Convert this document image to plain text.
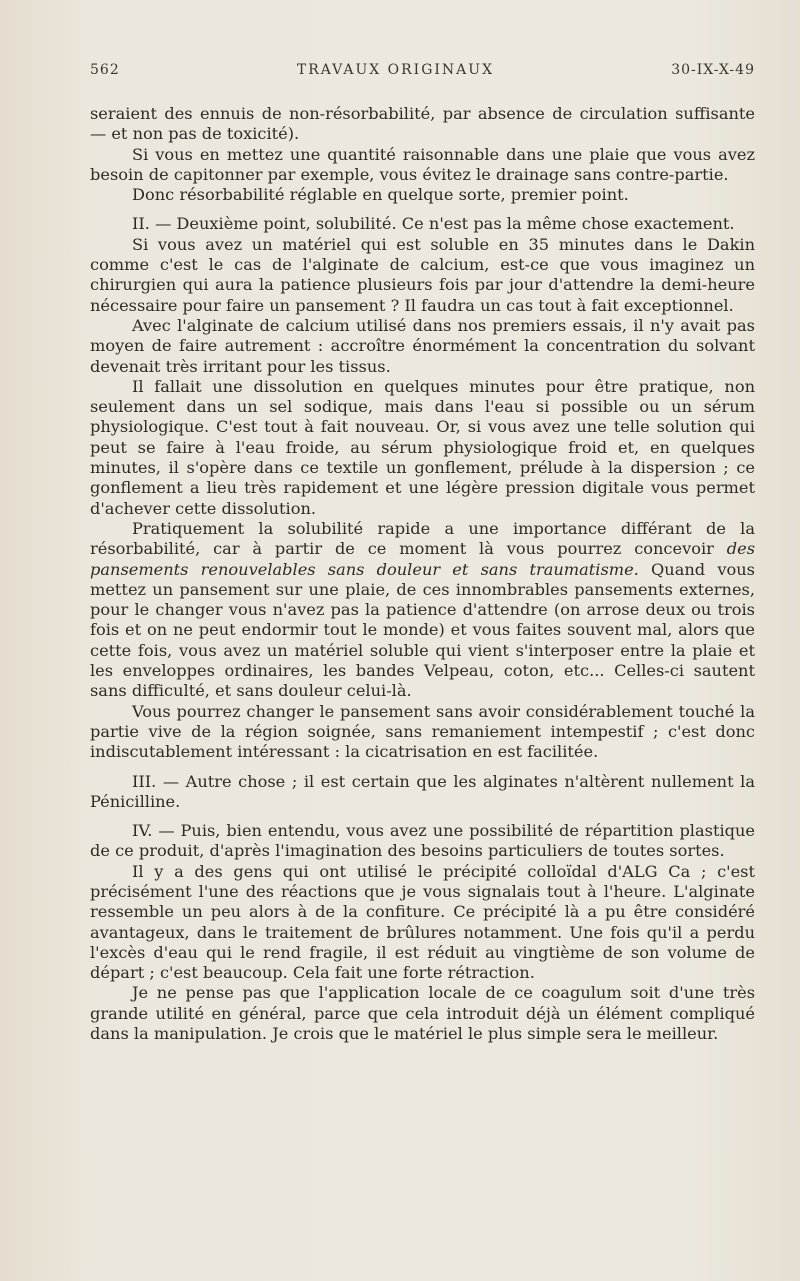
562	TRAVAUX ORIGINAUX	30-IX-X-49

seraient des ennuis de non-résorbabilité, par absence de circulation suffisante — et non pas de toxicité).

Si vous en mettez une quantité raisonnable dans une plaie que vous avez besoin de capitonner par exemple, vous évitez le drainage sans contre-partie.

Donc résorbabilité réglable en quelque sorte, premier point.

II. — Deuxième point, solubilité. Ce n'est pas la même chose exactement.

Si vous avez un matériel qui est soluble en 35 minutes dans le Dakin comme c'est le cas de l'alginate de calcium, est-ce que vous imaginez un chirurgien qui aura la patience plusieurs fois par jour d'attendre la demi-heure nécessaire pour faire un pansement ? Il faudra un cas tout à fait exceptionnel.

Avec l'alginate de calcium utilisé dans nos premiers essais, il n'y avait pas moyen de faire autrement : accroître énormément la concentration du solvant devenait très irritant pour les tissus.

Il fallait une dissolution en quelques minutes pour être pratique, non seulement dans un sel sodique, mais dans l'eau si possible ou un sérum physiologique. C'est tout à fait nouveau. Or, si vous avez une telle solution qui peut se faire à l'eau froide, au sérum physiologique froid et, en quelques minutes, il s'opère dans ce textile un gonflement, prélude à la dispersion ; ce gonflement a lieu très rapidement et une légère pression digitale vous permet d'achever cette dissolution.

Pratiquement la solubilité rapide a une importance différant de la résorbabilité, car à partir de ce moment là vous pourrez concevoir des pansements renouvelables sans douleur et sans traumatisme. Quand vous mettez un pansement sur une plaie, de ces innombrables pansements externes, pour le changer vous n'avez pas la patience d'attendre (on arrose deux ou trois fois et on ne peut endormir tout le monde) et vous faites souvent mal, alors que cette fois, vous avez un matériel soluble qui vient s'interposer entre la plaie et les enveloppes ordinaires, les bandes Velpeau, coton, etc... Celles-ci sautent sans difficulté, et sans douleur celui-là.

Vous pourrez changer le pansement sans avoir considérablement touché la partie vive de la région soignée, sans remaniement intempestif ; c'est donc indiscutablement intéressant : la cicatrisation en est facilitée.

III. — Autre chose ; il est certain que les alginates n'altèrent nullement la Pénicilline.

IV. — Puis, bien entendu, vous avez une possibilité de répartition plastique de ce produit, d'après l'imagination des besoins particuliers de toutes sortes.

Il y a des gens qui ont utilisé le précipité colloïdal d'ALG Ca ; c'est précisément l'une des réactions que je vous signalais tout à l'heure. L'alginate ressemble un peu alors à de la confiture. Ce précipité là a pu être considéré avantageux, dans le traitement de brûlures notamment. Une fois qu'il a perdu l'excès d'eau qui le rend fragile, il est réduit au vingtième de son volume de départ ; c'est beaucoup. Cela fait une forte rétraction.

Je ne pense pas que l'application locale de ce coagulum soit d'une très grande utilité en général, parce que cela introduit déjà un élément compliqué dans la manipulation. Je crois que le matériel le plus simple sera le meilleur.
